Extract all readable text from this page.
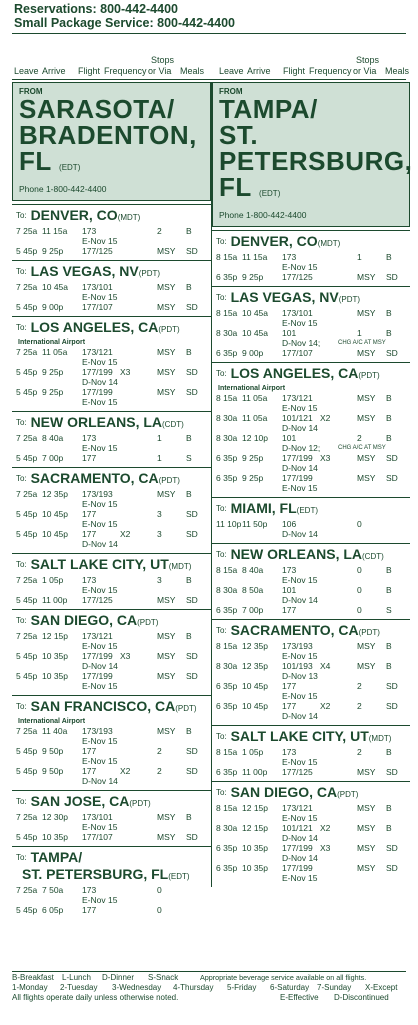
Reservations: 800-442-4400
Small Package Service: 800-442-4400
Leave Arrive Flight Frequency
Stops
or Via Meals Leave Arrive Flight Frequency
Stops
or Via Meals
FROM
SARASOTA/
BRADENTON,
FL (EDT)
Phone 1-800-442-4400
$^{To:}$ DENVER, CO(MDT)
7 25a 11 15a 173	2	B
E-Nov 15
5 45p 9 25p 177/125	MSY SD
$^{To:}$ LAS VEGAS, NV(PDT)
7 25a 10 45a 173/101	MSY B
E-Nov 15
5 45p 9 00p 177/107	MSY SD
$^{To:}$ LOS ANGELES, CA(PDT)
International Airport
7 25a 11 05a 173/121	MSY B
E-Nov 15
5 45p 9 25p 177/199 X3	MSY SD
D-Nov 14
5 45p 9 25p 177/199	MSY SD
E-Nov 15
$^{To:}$ NEW ORLEANS, LA(CDT)
7 25a 8 40a 173	1	B
E-Nov 15
5 45p 7 00p 177	1	S
$^{To:}$ SACRAMENTO, CA(PDT)
7 25a 12 35p 173/193	MSY B
E-Nov 15
5 45p 10 45p 177	3	SD
E-Nov 15
5 45p 10 45p 177	X2	3	SD
D-Nov 14
$^{To:}$ SALT LAKE CITY, UT(MDT)
7 25a 1 05p 173	3	B
E-Nov 15
5 45p 11 00p 177/125	MSY SD
$^{To:}$ SAN DIEGO, CA(PDT)
7 25a 12 15p 173/121	MSY B
E-Nov 15
5 45p 10 35p 177/199 X3	MSY SD
D-Nov 14
5 45p 10 35p 177/199	MSY SD
E-Nov 15
$^{To:}$ SAN FRANCISCO, CA(PDT)
International Airport
7 25a 11 40a 173/193	MSY B
E-Nov 15
5 45p 9 50p 177	2	SD
E-Nov 15
5 45p 9 50p 177	X2	2	SD
D-Nov 14
$^{To:}$ SAN JOSE, CA(PDT)
7 25a 12 30p 173/101	MSY B
E-Nov 15
5 45p 10 35p 177/107	MSY SD
$^{To:}$ TAMPA/
ST. PETERSBURG, FL(EDT)
7 25a 7 50a 173	0
E-Nov 15
5 45p 6 05p 177	0
FROM
TAMPA/
ST.
PETERSBURG,
FL (EDT)
Phone 1-800-442-4400
$^{To:}$ DENVER, CO(MDT)
8 15a 11 15a 173	1	B
E-Nov 15
6 35p 9 25p 177/125	MSY SD
$^{To:}$ LAS VEGAS, NV(PDT)
8 15a 10 45a 173/101	MSY B
E-Nov 15
8 30a 10 45a 101	1	B
D-Nov 14;	CHG A/C AT MSY
6 35p 9 00p 177/107	MSY SD
$^{To:}$ LOS ANGELES, CA(PDT)
International Airport
8 15a 11 05a 173/121	MSY B
E-Nov 15
8 30a 11 05a 101/121 X2	MSY B
D-Nov 14
8 30a 12 10p 101	2	B
D-Nov 12;	CHG A/C AT MSY
6 35p 9 25p 177/199 X3	MSY SD
D-Nov 14
6 35p 9 25p 177/199	MSY SD
E-Nov 15
$^{To:}$ MIAMI, FL(EDT)
11 10p 11 50p 106	0
D-Nov 14
$^{To:}$ NEW ORLEANS, LA(CDT)
8 15a 8 40a 173	0	B
E-Nov 15
8 30a 8 50a 101	0	B
D-Nov 14
6 35p 7 00p 177	0	S
$^{To:}$ SACRAMENTO, CA(PDT)
8 15a 12 35p 173/193	MSY B
E-Nov 15
8 30a 12 35p 101/193 X4	MSY B
D-Nov 13
6 35p 10 45p 177	2	SD
E-Nov 15
6 35p 10 45p 177	X2	2	SD
D-Nov 14
$^{To:}$ SALT LAKE CITY, UT(MDT)
8 15a 1 05p 173	2	B
E-Nov 15
6 35p 11 00p 177/125	MSY SD
$^{To:}$ SAN DIEGO, CA(PDT)
8 15a 12 15p 173/121	MSY B
E-Nov 15
8 30a 12 15p 101/121 X2	MSY B
D-Nov 14
6 35p 10 35p 177/199 X3	MSY SD
D-Nov 14
6 35p 10 35p 177/199	MSY SD
E-Nov 15
B-Breakfast L-Lunch D-Dinner S-Snack	Appropriate beverage service available on all flights.
1-Monday 2-Tuesday 3-Wednesday 4-Thursday 5-Friday 6-Saturday 7-Sunday X-Except
All flights operate daily unless otherwise noted.	E-Effective D-Discontinued
